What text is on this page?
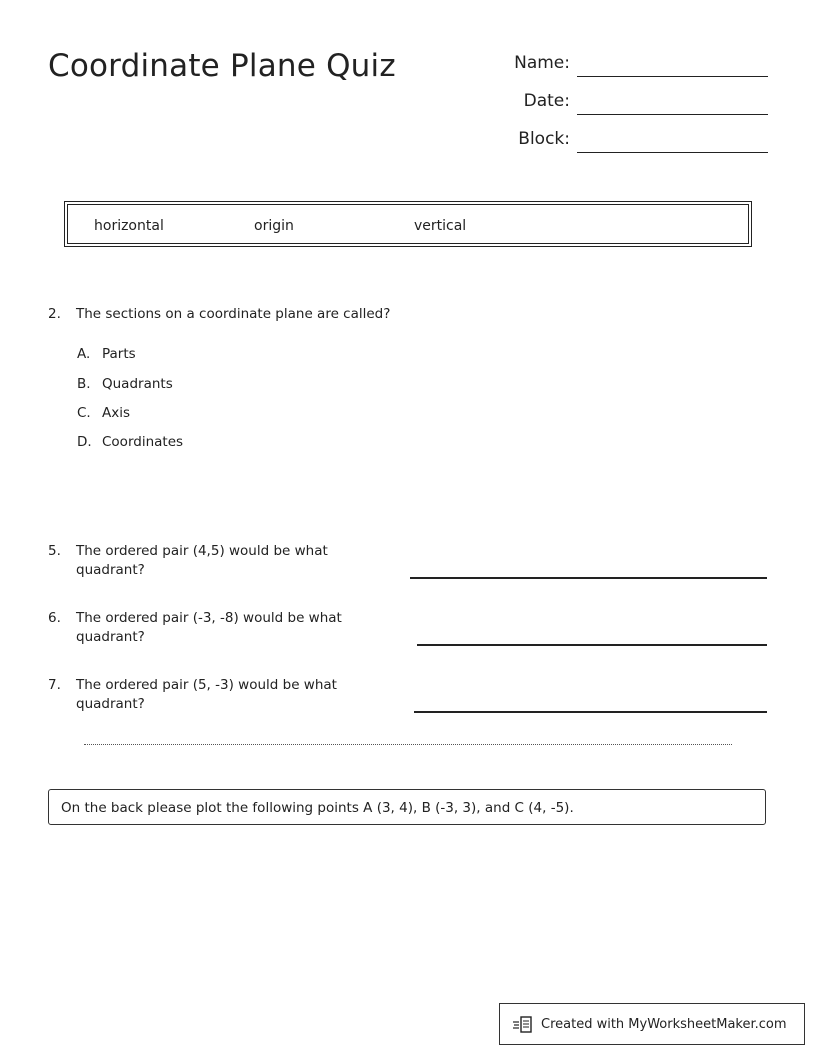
Coordinate Plane Quiz	Name:
Date:
Block:
horizontal	origin	vertical
2. The sections on a coordinate plane are called?
A. Parts
B. Quadrants
C. Axis
D. Coordinates
5. The ordered pair (4,5) would be what
quadrant?
6. The ordered pair (-3, -8) would be what
quadrant?
7. The ordered pair (5, -3) would be what
quadrant?
On the back please plot the following points A (3, 4), B (-3, 3), and C (4, -5).
Created with MyWorksheetMaker.com
